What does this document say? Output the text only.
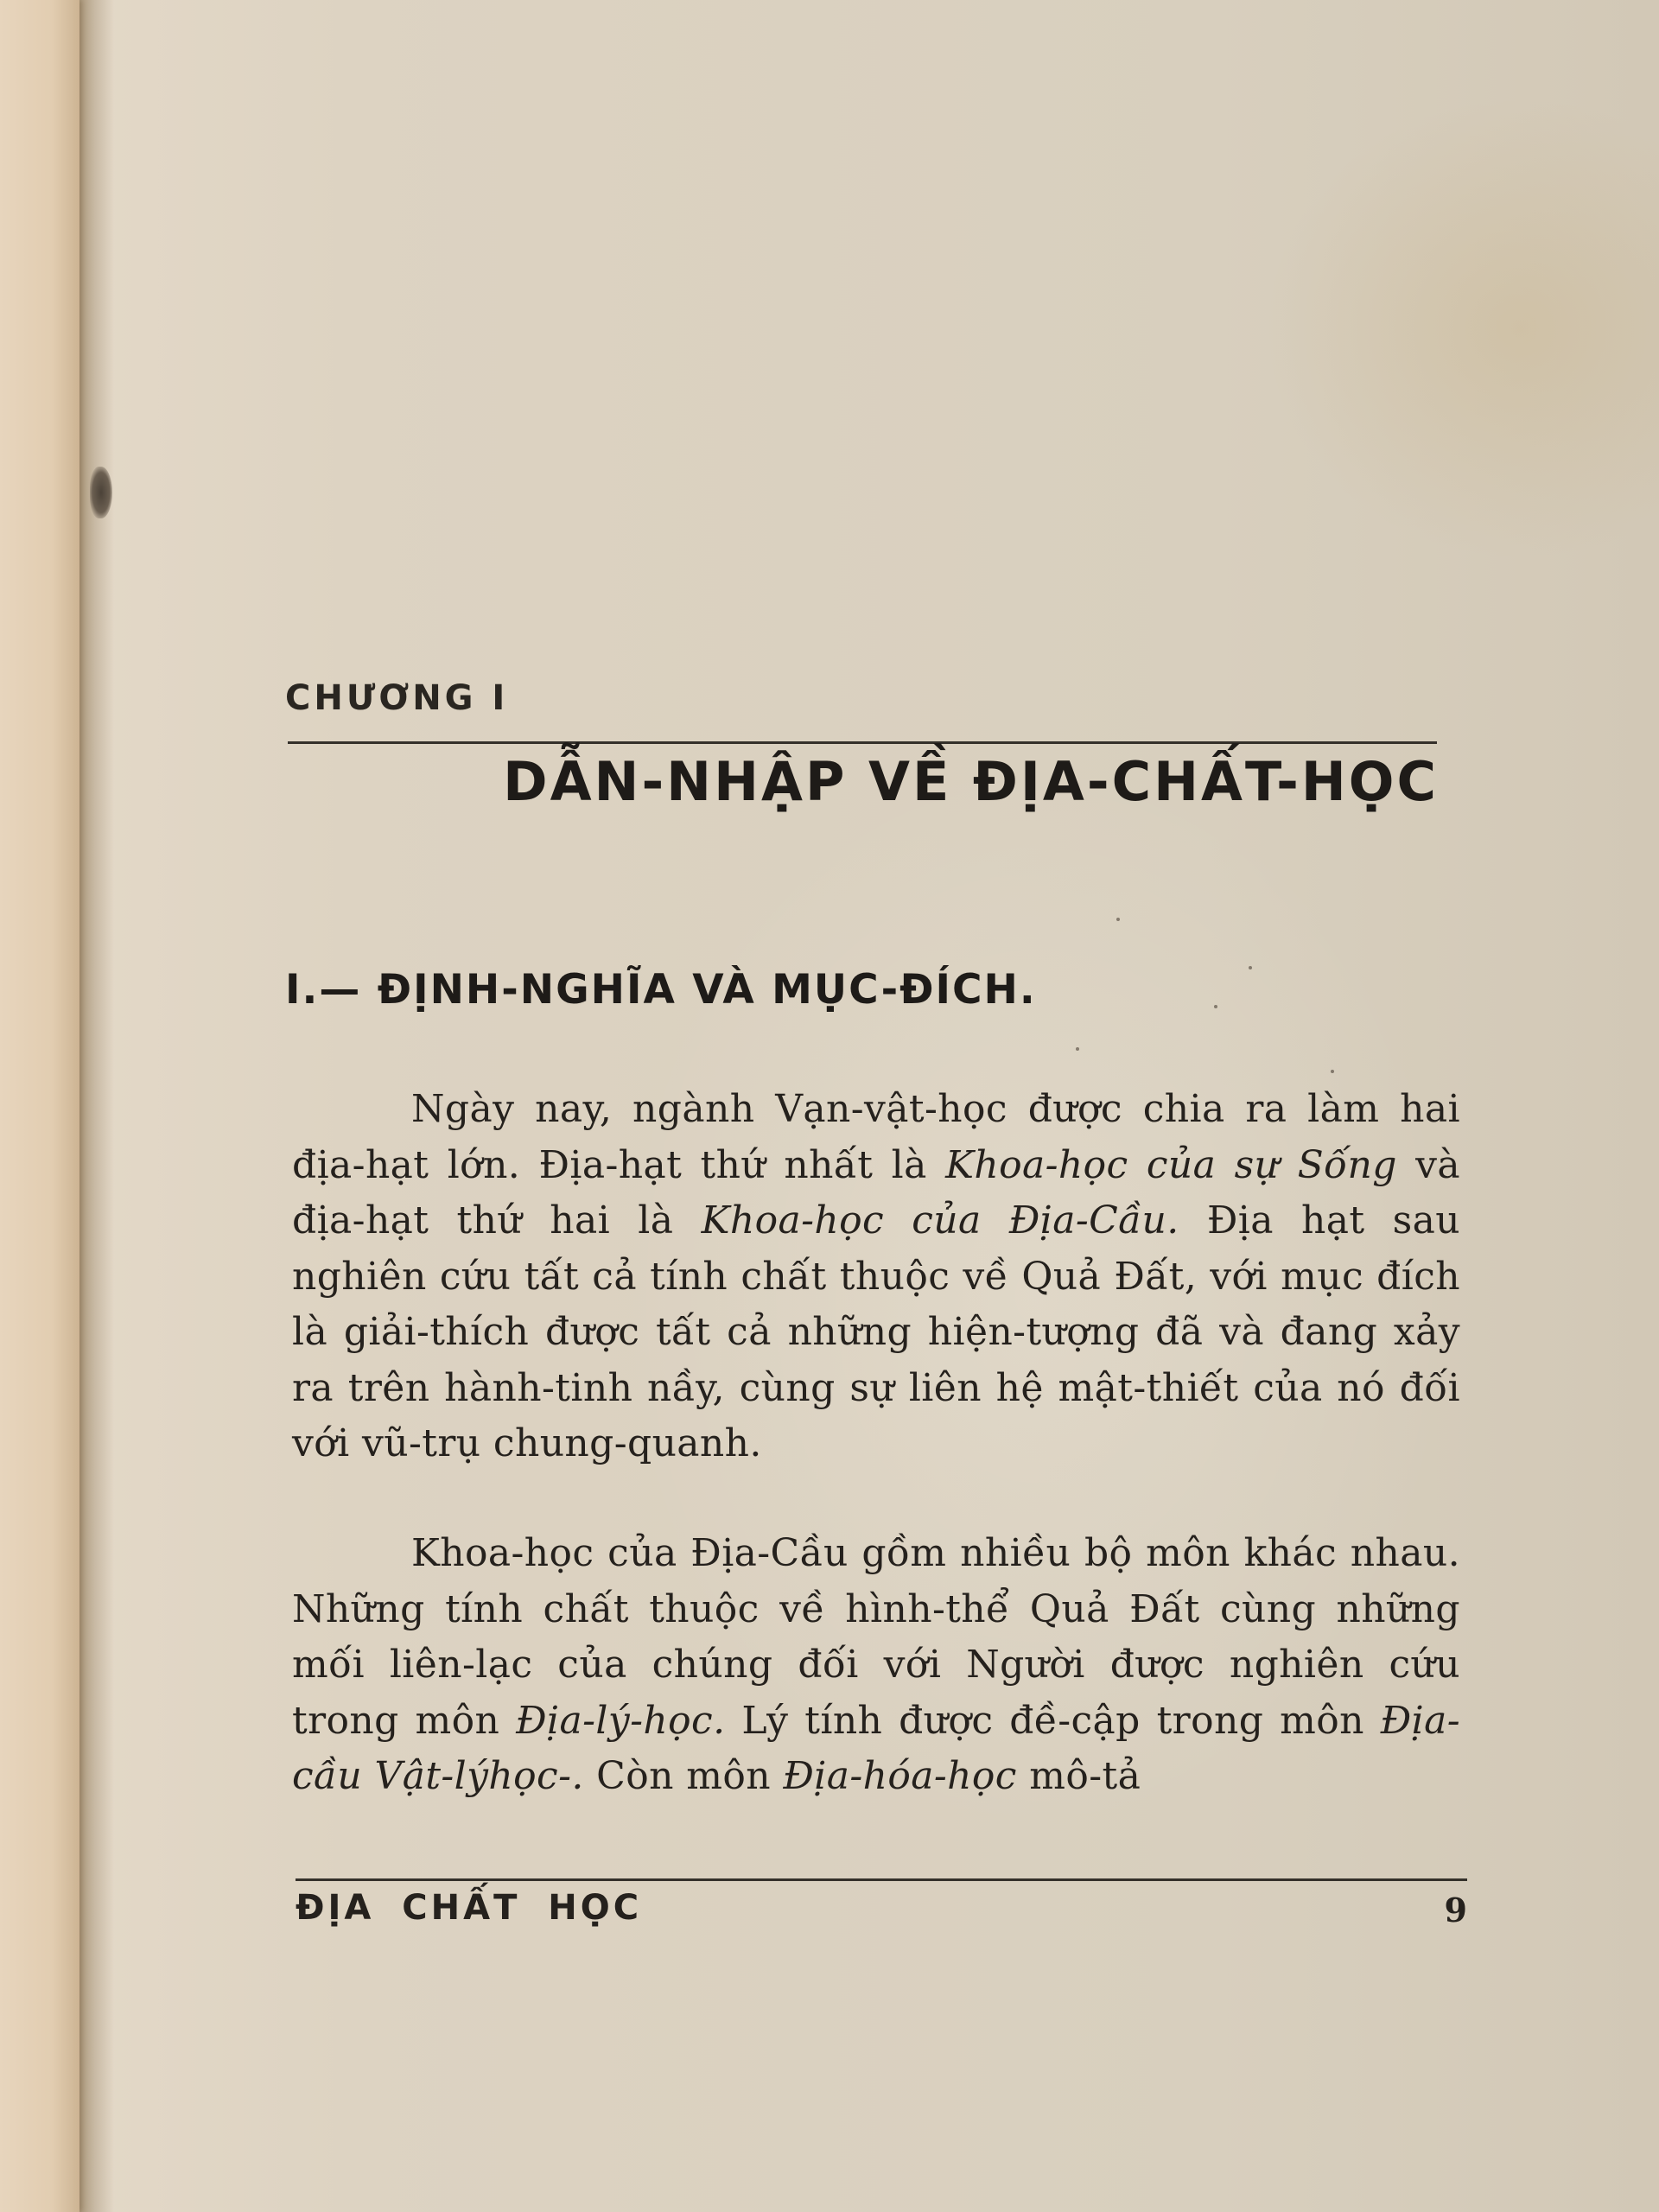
CHƯƠNG I

DẪN-NHẬP VỀ ĐỊA-CHẤT-HỌC
I.— ĐỊNH-NGHĨA VÀ MỤC-ĐÍCH.

Ngày nay, ngành Vạn-vật-học được chia ra làm hai địa-hạt lớn. Địa-hạt thứ nhất là Khoa-học của sự Sống và địa-hạt thứ hai là Khoa-học của Địa-Cầu. Địa hạt sau nghiên cứu tất cả tính chất thuộc về Quả Đất, với mục đích là giải-thích được tất cả những hiện-tượng đã và đang xảy ra trên hành-tinh nầy, cùng sự liên hệ mật-thiết của nó đối với vũ-trụ chung-quanh.

Khoa-học của Địa-Cầu gồm nhiều bộ môn khác nhau. Những tính chất thuộc về hình-thể Quả Đất cùng những mối liên-lạc của chúng đối với Người được nghiên cứu trong môn Địa-lý-học. Lý tính được đề-cập trong môn Địa-cầu Vật-lýhọc-. Còn môn Địa-hóa-học mô-tả

ĐỊA CHẤT HỌC	9
